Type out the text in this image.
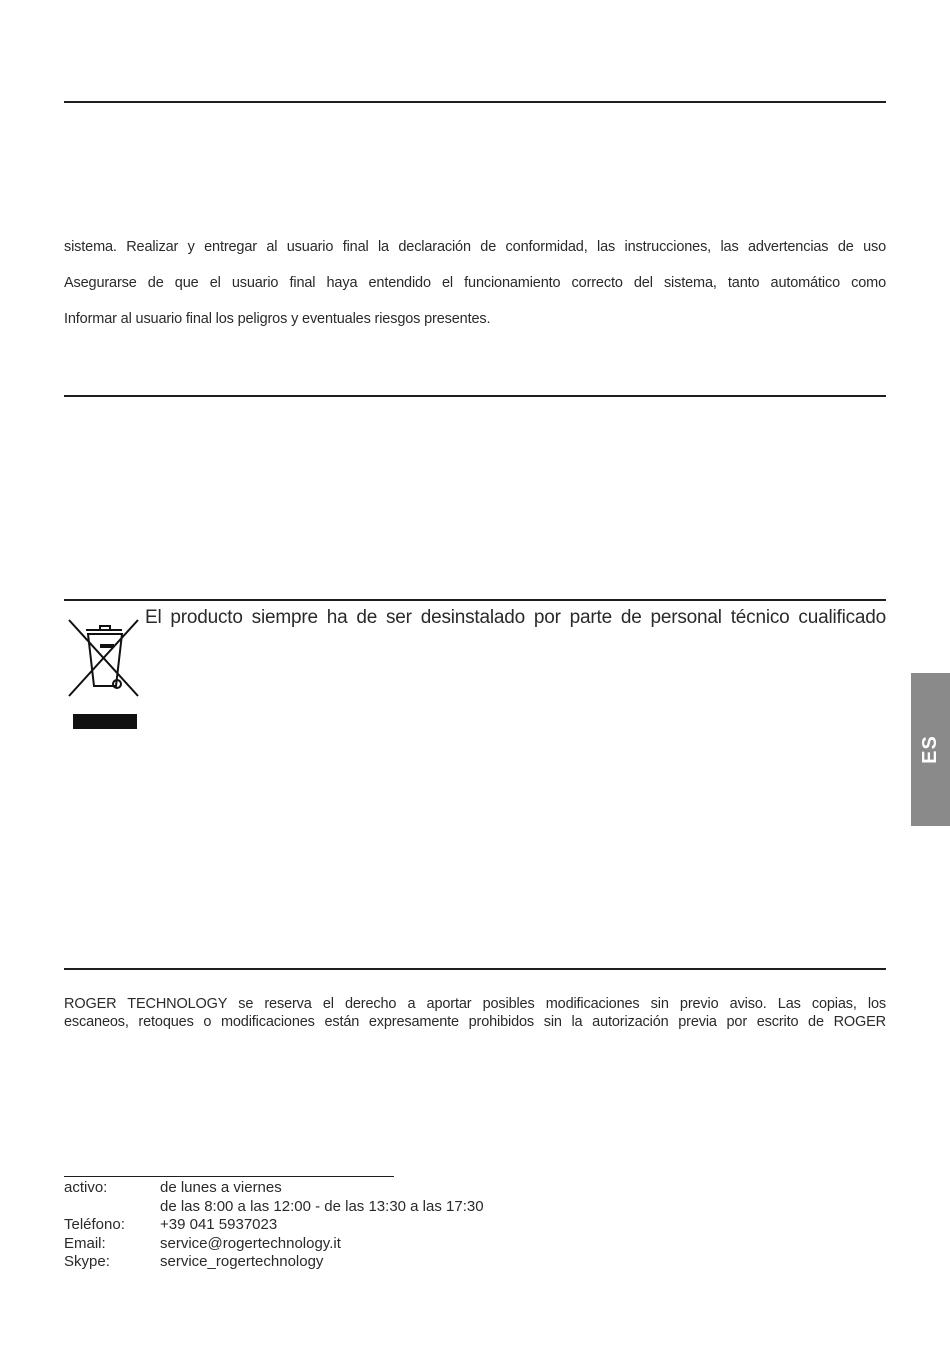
sistema. Realizar y entregar al usuario final la declaración de conformidad, las instrucciones, las advertencias de uso
Asegurarse de que el usuario final haya entendido el funcionamiento correcto del sistema, tanto automático como
Informar al usuario final los peligros y eventuales riesgos presentes.
El producto siempre ha de ser desinstalado por parte de personal técnico cualificado
ES
ROGER TECHNOLOGY se reserva el derecho a aportar posibles modificaciones sin previo aviso. Las copias, los
escaneos, retoques o modificaciones están expresamente prohibidos sin la autorización previa por escrito de ROGER
activo:	de lunes a viernes
de las 8:00 a las 12:00 - de las 13:30 a las 17:30
Teléfono:	+39 041 5937023
Email:	service@rogertechnology.it
Skype:	service_rogertechnology
